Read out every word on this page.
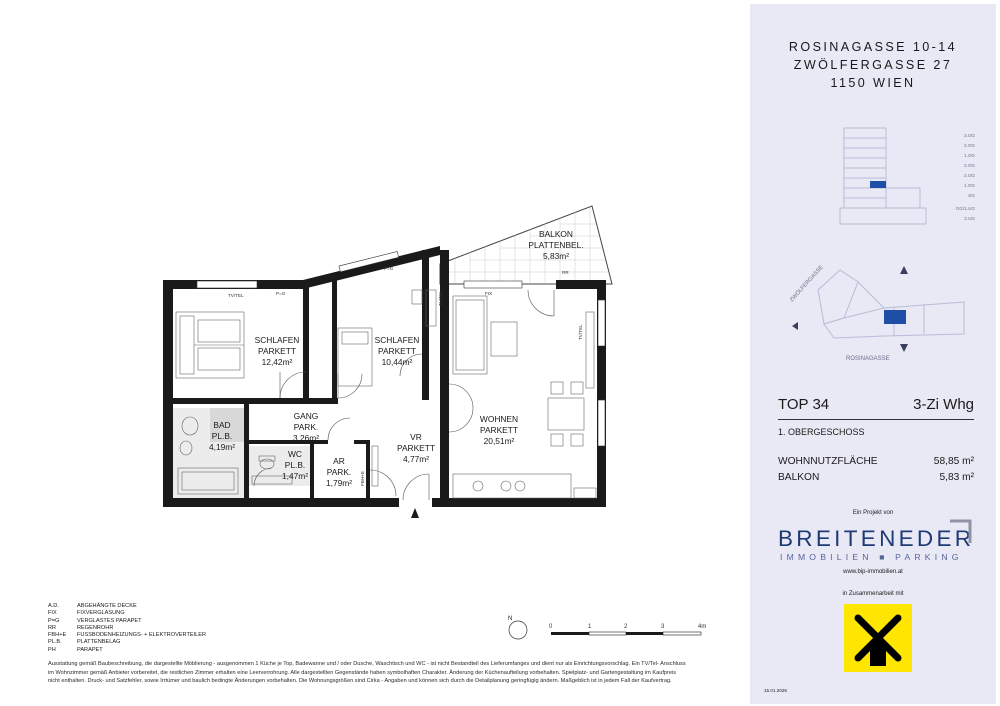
SCHLAFEN
PARKETT
12,42m²
SCHLAFEN
PARKETT
10,44m²
WOHNEN
PARKETT
20,51m²
GANG
PARK.
3,26m²
BAD
PL.B.
4,19m²
WC
PL.B.
1,47m²
AR
PARK.
1,79m²
VR
PARKETT
4,77m²
BALKON
PLATTENBEL.
5,83m²
TV/TEL	P=G
P=G
FIX
RR
TV/TEL
TV/TEL
FBH+E
N
0	1	2	3	4m
A.D.	ABGEHÄNGTE DECKE
FIX	FIXVERGLASUNG
P=G	VERGLASTES PARAPET
RR	REGENROHR
FBH+E	FUSSBODENHEIZUNGS- + ELEKTROVERTEILER
PL.B.	PLATTENBELAG
PH	PARAPET
Ausstattung gemäß Baubeschreibung, die dargestellte Möblierung - ausgenommen 1 Küche je Top, Badewanne und / oder Dusche, Waschtisch und WC - ist nicht Bestandteil des Lieferumfanges und dient nur als Einrichtungsvorschlag. Ein TV/Tel- Anschluss
im Wohnzimmer gemäß Anbieter vorbereitet, die restlichen Zimmer erhalten eine Leerverrohrung. Alle dargestellten Gegenstände haben symbolhaften Charakter. Änderung der Küchenaufteilung vorbehalten. Spielplatz- und Gartengestaltung im Kaufpreis
nicht enthalten. Druck- und Satzfehler, sowie Irrtümer und baulich bedingte Änderungen vorbehalten. Die Wohnungsgrößen sind Cirka - Angaben und können sich durch die Detailplanung geringfügig ändern. Maßgeblich ist in jedem Fall der Kaufvertrag.
ROSINAGASSE 10-14
ZWÖLFERGASSE 27
1150 WIEN
3.OG
2.OG
1.OG
3.OG
2.OG
1.OG
EG
GG/1.UG
2.UG
ZWÖLFERGASSE
ROSINAGASSE
TOP 34	3-Zi Whg
1. OBERGESCHOSS
WOHNNUTZFLÄCHE	58,85 m²
BALKON	5,83 m²
Ein Projekt von
BREITENEDER
IMMOBILIEN ■ PARKING
www.bip-immobilien.at
in Zusammenarbeit mit
15.01.2026
